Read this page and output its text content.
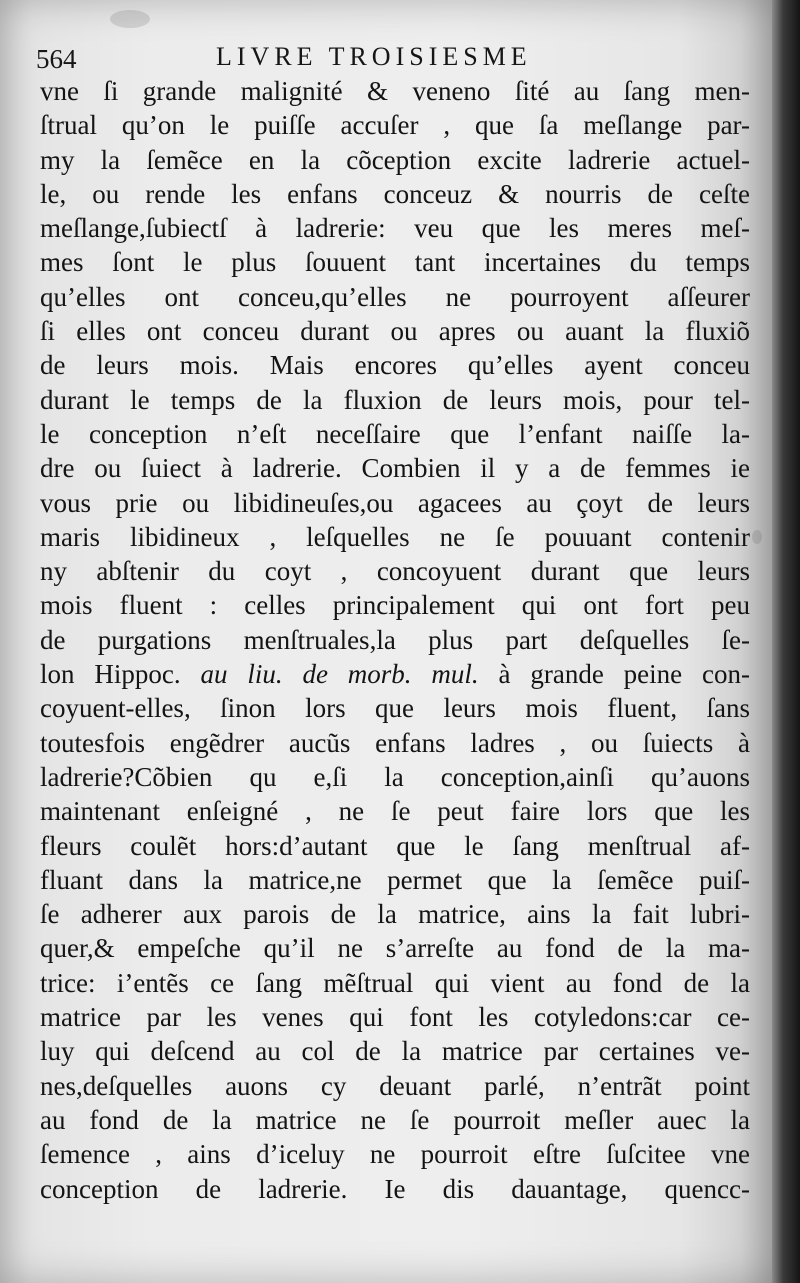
564	LIVRE TROISIESME
vne ſi grande malignité & veneno ſité au ſang men-
ſtrual qu’on le puiſſe accuſer , que ſa meſlange par-
my la ſemẽce en la cõception excite ladrerie actuel-
le, ou rende les enfans conceuz & nourris de ceſte
meſlange,ſubiectſ à ladrerie: veu que les meres meſ-
mes ſont le plus ſouuent tant incertaines du temps
qu’elles ont conceu,qu’elles ne pourroyent aſſeurer
ſi elles ont conceu durant ou apres ou auant la fluxiõ
de leurs mois. Mais encores qu’elles ayent conceu
durant le temps de la fluxion de leurs mois, pour tel-
le conception n’eſt neceſſaire que l’enfant naiſſe la-
dre ou ſuiect à ladrerie. Combien il y a de femmes ie
vous prie ou libidineuſes,ou agacees au çoyt de leurs
maris libidineux , leſquelles ne ſe pouuant contenir
ny abſtenir du coyt , concoyuent durant que leurs
mois fluent : celles principalement qui ont fort peu
de purgations menſtruales,la plus part deſquelles ſe-
lon Hippoc. au liu. de morb. mul. à grande peine con-
coyuent-elles, ſinon lors que leurs mois fluent, ſans
toutesfois engẽdrer aucũs enfans ladres , ou ſuiects à
ladrerie?Cõbien qu e,ſi la conception,ainſi qu’auons
maintenant enſeigné , ne ſe peut faire lors que les
fleurs coulẽt hors:d’autant que le ſang menſtrual af-
fluant dans la matrice,ne permet que la ſemẽce puiſ-
ſe adherer aux parois de la matrice, ains la fait lubri-
quer,& empeſche qu’il ne s’arreſte au fond de la ma-
trice: i’entẽs ce ſang mẽſtrual qui vient au fond de la
matrice par les venes qui font les cotyledons:car ce-
luy qui deſcend au col de la matrice par certaines ve-
nes,deſquelles auons cy deuant parlé, n’entrãt point
au fond de la matrice ne ſe pourroit meſler auec la
ſemence , ains d’iceluy ne pourroit eſtre ſuſcitee vne
conception de ladrerie. Ie dis dauantage, quencc-
